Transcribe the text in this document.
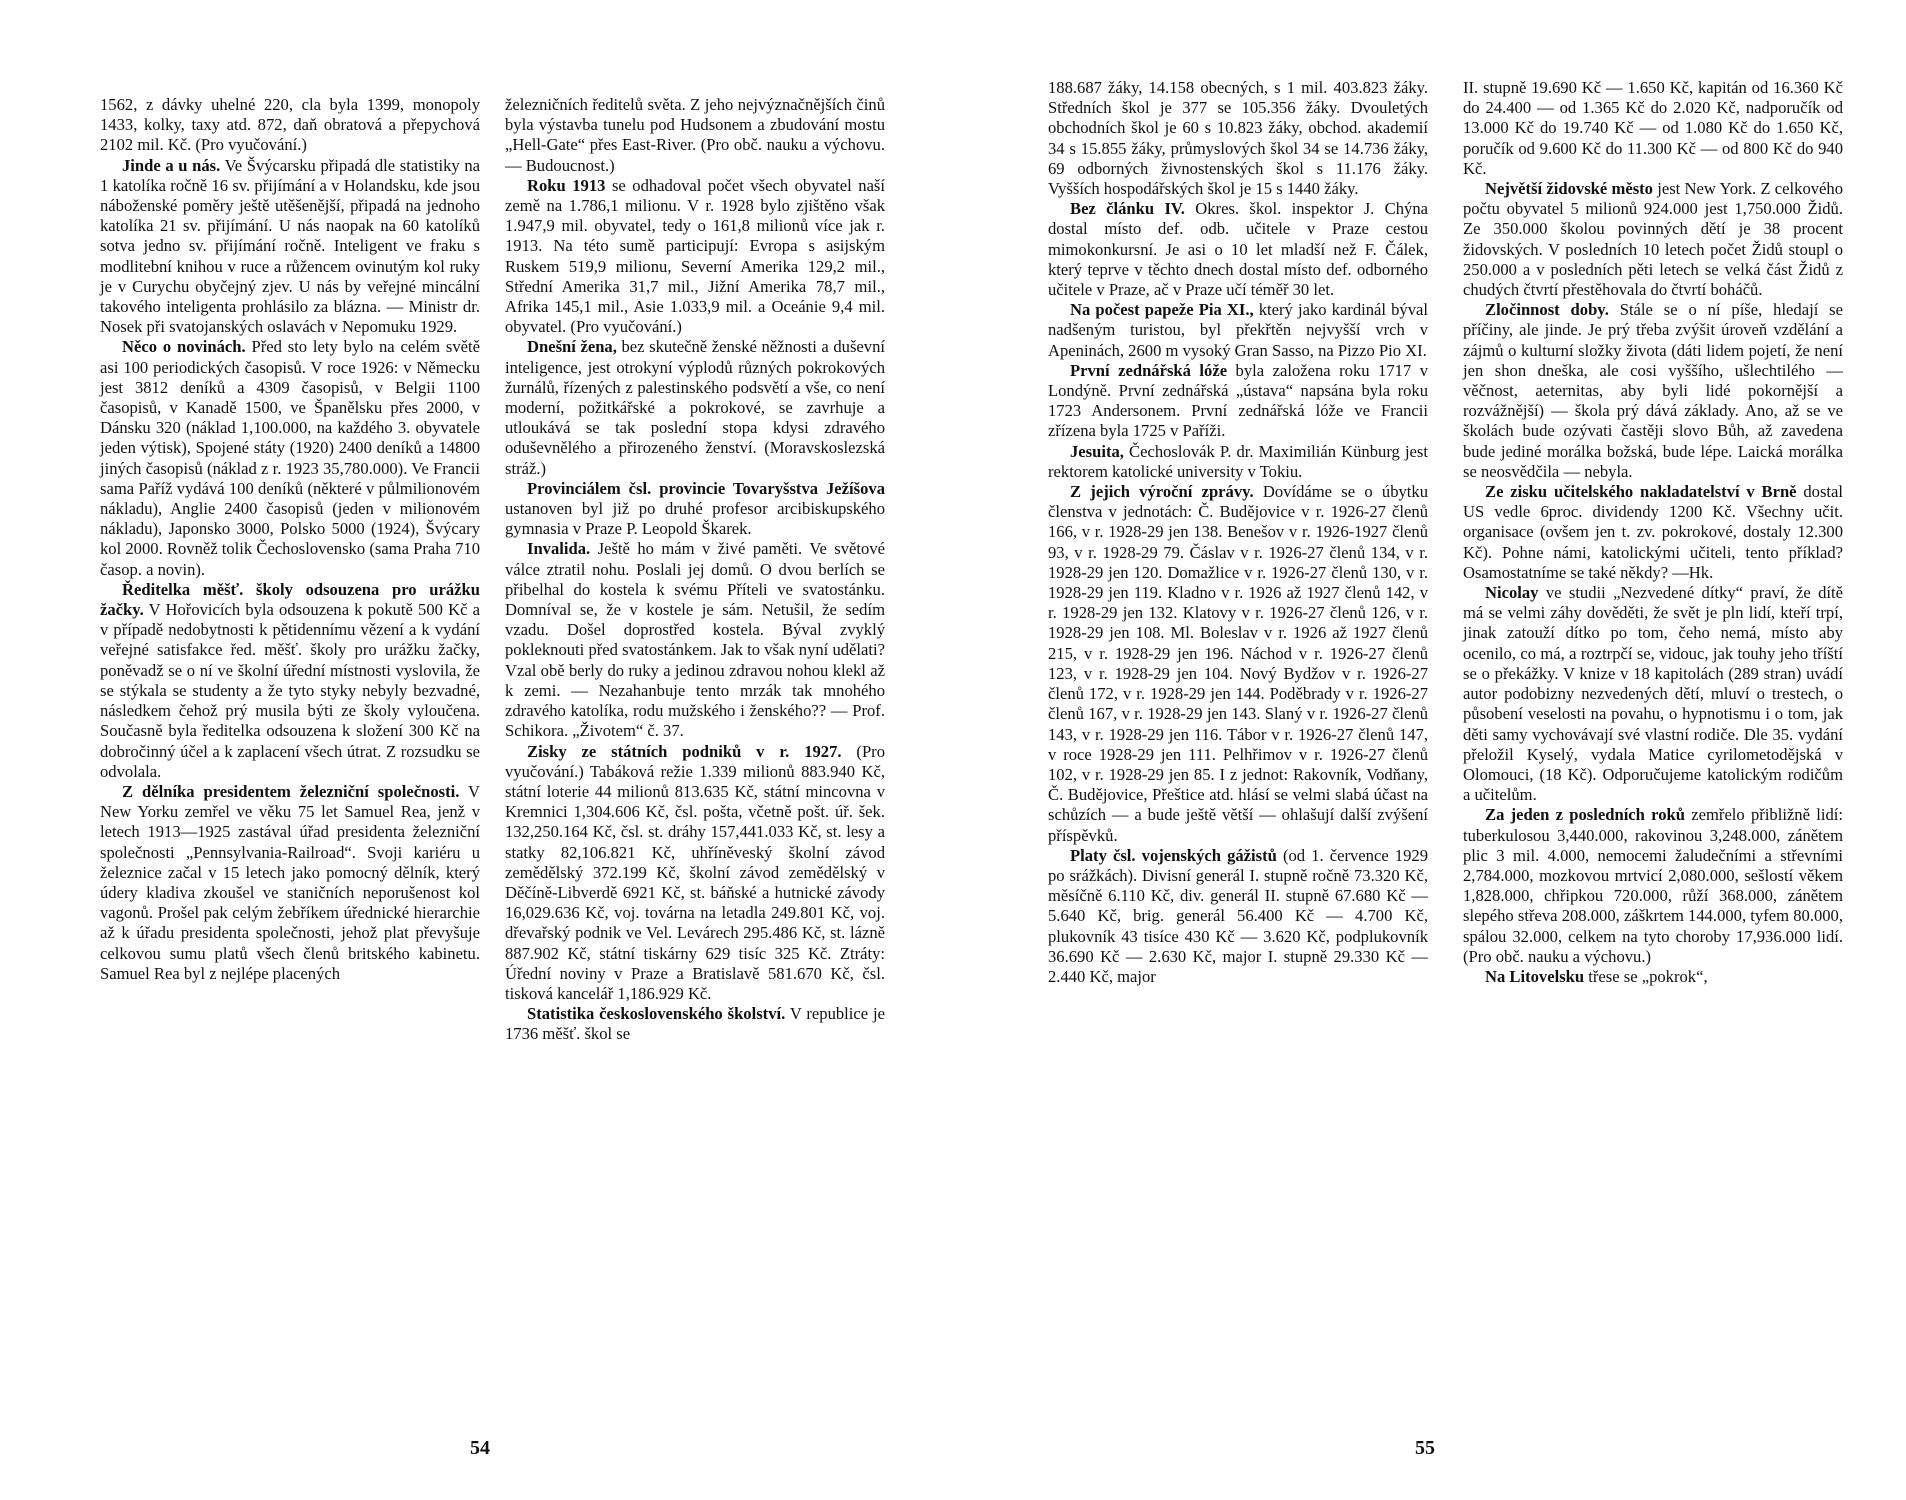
1562, z dávky uhelné 220, cla byla 1399, monopoly 1433, kolky, taxy atd. 872, daň obratová a přepychová 2102 mil. Kč. (Pro vyučování.)

Jinde a u nás. Ve Švýcarsku připadá dle statistiky na 1 katolíka ročně 16 sv. přijímání a v Holandsku, kde jsou náboženské poměry ještě utěšenější, připadá na jednoho katolíka 21 sv. přijímání. U nás naopak na 60 katolíků sotva jedno sv. přijímání ročně. Inteligent ve fraku s modlitební knihou v ruce a růžencem ovinutým kol ruky je v Curychu obyčejný zjev. U nás by veřejné mincální takového inteligenta prohlásilo za blázna. — Ministr dr. Nosek při svatojanských oslavách v Nepomuku 1929.

Něco o novinách. Před sto lety bylo na celém světě asi 100 periodických časopisů. V roce 1926: v Německu jest 3812 deníků a 4309 časopisů, v Belgii 1100 časopisů, v Kanadě 1500, ve Španělsku přes 2000, v Dánsku 320 (náklad 1,100.000, na každého 3. obyvatele jeden výtisk), Spojené státy (1920) 2400 deníků a 14800 jiných časopisů (náklad z r. 1923 35,780.000). Ve Francii sama Paříž vydává 100 deníků (některé v půlmilionovém nákladu), Anglie 2400 časopisů (jeden v milionovém nákladu), Japonsko 3000, Polsko 5000 (1924), Švýcary kol 2000. Rovněž tolik Čechoslovensko (sama Praha 710 časop. a novin).

Ředitelka měšť. školy odsouzena pro urážku žačky. V Hořovicích byla odsouzena k pokutě 500 Kč a v případě nedobytnosti k pětidennímu vězení a k vydání veřejné satisfakce řed. měšť. školy pro urážku žačky, poněvadž se o ní ve školní úřední místnosti vyslovila, že se stýkala se studenty a že tyto styky nebyly bezvadné, následkem čehož prý musila býti ze školy vyloučena. Současně byla ředitelka odsouzena k složení 300 Kč na dobročinný účel a k zaplacení všech útrat. Z rozsudku se odvolala.

Z dělníka presidentem železniční společnosti. V New Yorku zemřel ve věku 75 let Samuel Rea, jenž v letech 1913—1925 zastával úřad presidenta železniční společnosti „Pennsylvania-Railroad“. Svoji kariéru u železnice začal v 15 letech jako pomocný dělník, který údery kladiva zkoušel ve staničních neporušenost kol vagonů. Prošel pak celým žebříkem úřednické hierarchie až k úřadu presidenta společnosti, jehož plat převyšuje celkovou sumu platů všech členů britského kabinetu. Samuel Rea byl z nejlépe placených

železničních ředitelů světa. Z jeho nejvýznačnějších činů byla výstavba tunelu pod Hudsonem a zbudování mostu „Hell-Gate“ přes East-River. (Pro obč. nauku a výchovu. — Budoucnost.)

Roku 1913 se odhadoval počet všech obyvatel naší země na 1.786,1 milionu. V r. 1928 bylo zjištěno však 1.947,9 mil. obyvatel, tedy o 161,8 milionů více jak r. 1913. Na této sumě participují: Evropa s asijským Ruskem 519,9 milionu, Severní Amerika 129,2 mil., Střední Amerika 31,7 mil., Jižní Amerika 78,7 mil., Afrika 145,1 mil., Asie 1.033,9 mil. a Oceánie 9,4 mil. obyvatel. (Pro vyučování.)

Dnešní žena, bez skutečně ženské něžnosti a duševní inteligence, jest otrokyní výplodů různých pokrokových žurnálů, řízených z palestinského podsvětí a vše, co není moderní, požitkářské a pokrokové, se zavrhuje a utloukává se tak poslední stopa kdysi zdravého oduševnělého a přirozeného ženství. (Moravskoslezská stráž.)

Provinciálem čsl. provincie Tovaryšstva Ježíšova ustanoven byl již po druhé profesor arcibiskupského gymnasia v Praze P. Leopold Škarek.

Invalida. Ještě ho mám v živé paměti. Ve světové válce ztratil nohu. Poslali jej domů. O dvou berlích se přibelhal do kostela k svému Příteli ve svatostánku. Domníval se, že v kostele je sám. Netušil, že sedím vzadu. Došel doprostřed kostela. Býval zvyklý pokleknouti před svatostánkem. Jak to však nyní udělati? Vzal obě berly do ruky a jedinou zdravou nohou klekl až k zemi. — Nezahanbuje tento mrzák tak mnohého zdravého katolíka, rodu mužského i ženského?? — Prof. Schikora. „Životem“ č. 37.

Zisky ze státních podniků v r. 1927. (Pro vyučování.) Tabáková režie 1.339 milionů 883.940 Kč, státní loterie 44 milionů 813.635 Kč, státní mincovna v Kremnici 1,304.606 Kč, čsl. pošta, včetně pošt. úř. šek. 132,250.164 Kč, čsl. st. dráhy 157,441.033 Kč, st. lesy a statky 82,106.821 Kč, uhříněveský školní závod zemědělský 372.199 Kč, školní závod zemědělský v Děčíně-Libverdě 6921 Kč, st. báňské a hutnické závody 16,029.636 Kč, voj. továrna na letadla 249.801 Kč, voj. dřevařský podnik ve Vel. Levárech 295.486 Kč, st. lázně 887.902 Kč, státní tiskárny 629 tisíc 325 Kč. Ztráty: Úřední noviny v Praze a Bratislavě 581.670 Kč, čsl. tisková kancelář 1,186.929 Kč.

Statistika československého školství. V republice je 1736 měšť. škol se

54

188.687 žáky, 14.158 obecných, s 1 mil. 403.823 žáky. Středních škol je 377 se 105.356 žáky. Dvouletých obchodních škol je 60 s 10.823 žáky, obchod. akademií 34 s 15.855 žáky, průmyslových škol 34 se 14.736 žáky, 69 odborných živnostenských škol s 11.176 žáky. Vyšších hospodářských škol je 15 s 1440 žáky.

Bez článku IV. Okres. škol. inspektor J. Chýna dostal místo def. odb. učitele v Praze cestou mimokonkursní. Je asi o 10 let mladší než F. Čálek, který teprve v těchto dnech dostal místo def. odborného učitele v Praze, ač v Praze učí téměř 30 let.

Na počest papeže Pia XI., který jako kardinál býval nadšeným turistou, byl překřtěn nejvyšší vrch v Apeninách, 2600 m vysoký Gran Sasso, na Pizzo Pio XI.

První zednářská lóže byla založena roku 1717 v Londýně. První zednářská „ústava“ napsána byla roku 1723 Andersonem. První zednářská lóže ve Francii zřízena byla 1725 v Paříži.

Jesuita, Čechoslovák P. dr. Maximilián Künburg jest rektorem katolické university v Tokiu.

Z jejich výroční zprávy. Dovídáme se o úbytku členstva v jednotách: Č. Budějovice v r. 1926-27 členů 166, v r. 1928-29 jen 138. Benešov v r. 1926-1927 členů 93, v r. 1928-29 79. Čáslav v r. 1926-27 členů 134, v r. 1928-29 jen 120. Domažlice v r. 1926-27 členů 130, v r. 1928-29 jen 119. Kladno v r. 1926 až 1927 členů 142, v r. 1928-29 jen 132. Klatovy v r. 1926-27 členů 126, v r. 1928-29 jen 108. Ml. Boleslav v r. 1926 až 1927 členů 215, v r. 1928-29 jen 196. Náchod v r. 1926-27 členů 123, v r. 1928-29 jen 104. Nový Bydžov v r. 1926-27 členů 172, v r. 1928-29 jen 144. Poděbrady v r. 1926-27 členů 167, v r. 1928-29 jen 143. Slaný v r. 1926-27 členů 143, v r. 1928-29 jen 116. Tábor v r. 1926-27 členů 147, v roce 1928-29 jen 111. Pelhřimov v r. 1926-27 členů 102, v r. 1928-29 jen 85. I z jednot: Rakovník, Vodňany, Č. Budějovice, Přeštice atd. hlásí se velmi slabá účast na schůzích — a bude ještě větší — ohlašují další zvýšení příspěvků.

Platy čsl. vojenských gážistů (od 1. července 1929 po srážkách). Divisní generál I. stupně ročně 73.320 Kč, měsíčně 6.110 Kč, div. generál II. stupně 67.680 Kč — 5.640 Kč, brig. generál 56.400 Kč — 4.700 Kč, plukovník 43 tisíce 430 Kč — 3.620 Kč, podplukovník 36.690 Kč — 2.630 Kč, major I. stupně 29.330 Kč — 2.440 Kč, major

II. stupně 19.690 Kč — 1.650 Kč, kapitán od 16.360 Kč do 24.400 — od 1.365 Kč do 2.020 Kč, nadporučík od 13.000 Kč do 19.740 Kč — od 1.080 Kč do 1.650 Kč, poručík od 9.600 Kč do 11.300 Kč — od 800 Kč do 940 Kč.

Největší židovské město jest New York. Z celkového počtu obyvatel 5 milionů 924.000 jest 1,750.000 Židů. Ze 350.000 školou povinných dětí je 38 procent židovských. V posledních 10 letech počet Židů stoupl o 250.000 a v posledních pěti letech se velká část Židů z chudých čtvrtí přestěhovala do čtvrtí boháčů.

Zločinnost doby. Stále se o ní píše, hledají se příčiny, ale jinde. Je prý třeba zvýšit úroveň vzdělání a zájmů o kulturní složky života (dáti lidem pojetí, že není jen shon dneška, ale cosi vyššího, ušlechtilého — věčnost, aeternitas, aby byli lidé pokornější a rozvážnější) — škola prý dává základy. Ano, až se ve školách bude ozývati častěji slovo Bůh, až zavedena bude jediné morálka božská, bude lépe. Laická morálka se neosvědčila — nebyla.

Ze zisku učitelského nakladatelství v Brně dostal US vedle 6proc. dividendy 1200 Kč. Všechny učit. organisace (ovšem jen t. zv. pokrokové, dostaly 12.300 Kč). Pohne námi, katolickými učiteli, tento příklad? Osamostatníme se také někdy? —Hk.

Nicolay ve studii „Nezvedené dítky“ praví, že dítě má se velmi záhy dověděti, že svět je pln lidí, kteří trpí, jinak zatouží dítko po tom, čeho nemá, místo aby ocenilo, co má, a roztrpčí se, vidouc, jak touhy jeho tříští se o překážky. V knize v 18 kapitolách (289 stran) uvádí autor podobizny nezvedených dětí, mluví o trestech, o působení veselosti na povahu, o hypnotismu i o tom, jak děti samy vychovávají své vlastní rodiče. Dle 35. vydání přeložil Kyselý, vydala Matice cyrilometodějská v Olomouci, (18 Kč). Odporučujeme katolickým rodičům a učitelům.

Za jeden z posledních roků zemřelo přibližně lidí: tuberkulosou 3,440.000, rakovinou 3,248.000, zánětem plic 3 mil. 4.000, nemocemi žaludečními a střevními 2,784.000, mozkovou mrtvicí 2,080.000, sešlostí věkem 1,828.000, chřipkou 720.000, růží 368.000, zánětem slepého střeva 208.000, záškrtem 144.000, tyfem 80.000, spálou 32.000, celkem na tyto choroby 17,936.000 lidí. (Pro obč. nauku a výchovu.)

Na Litovelsku třese se „pokrok“,

55
